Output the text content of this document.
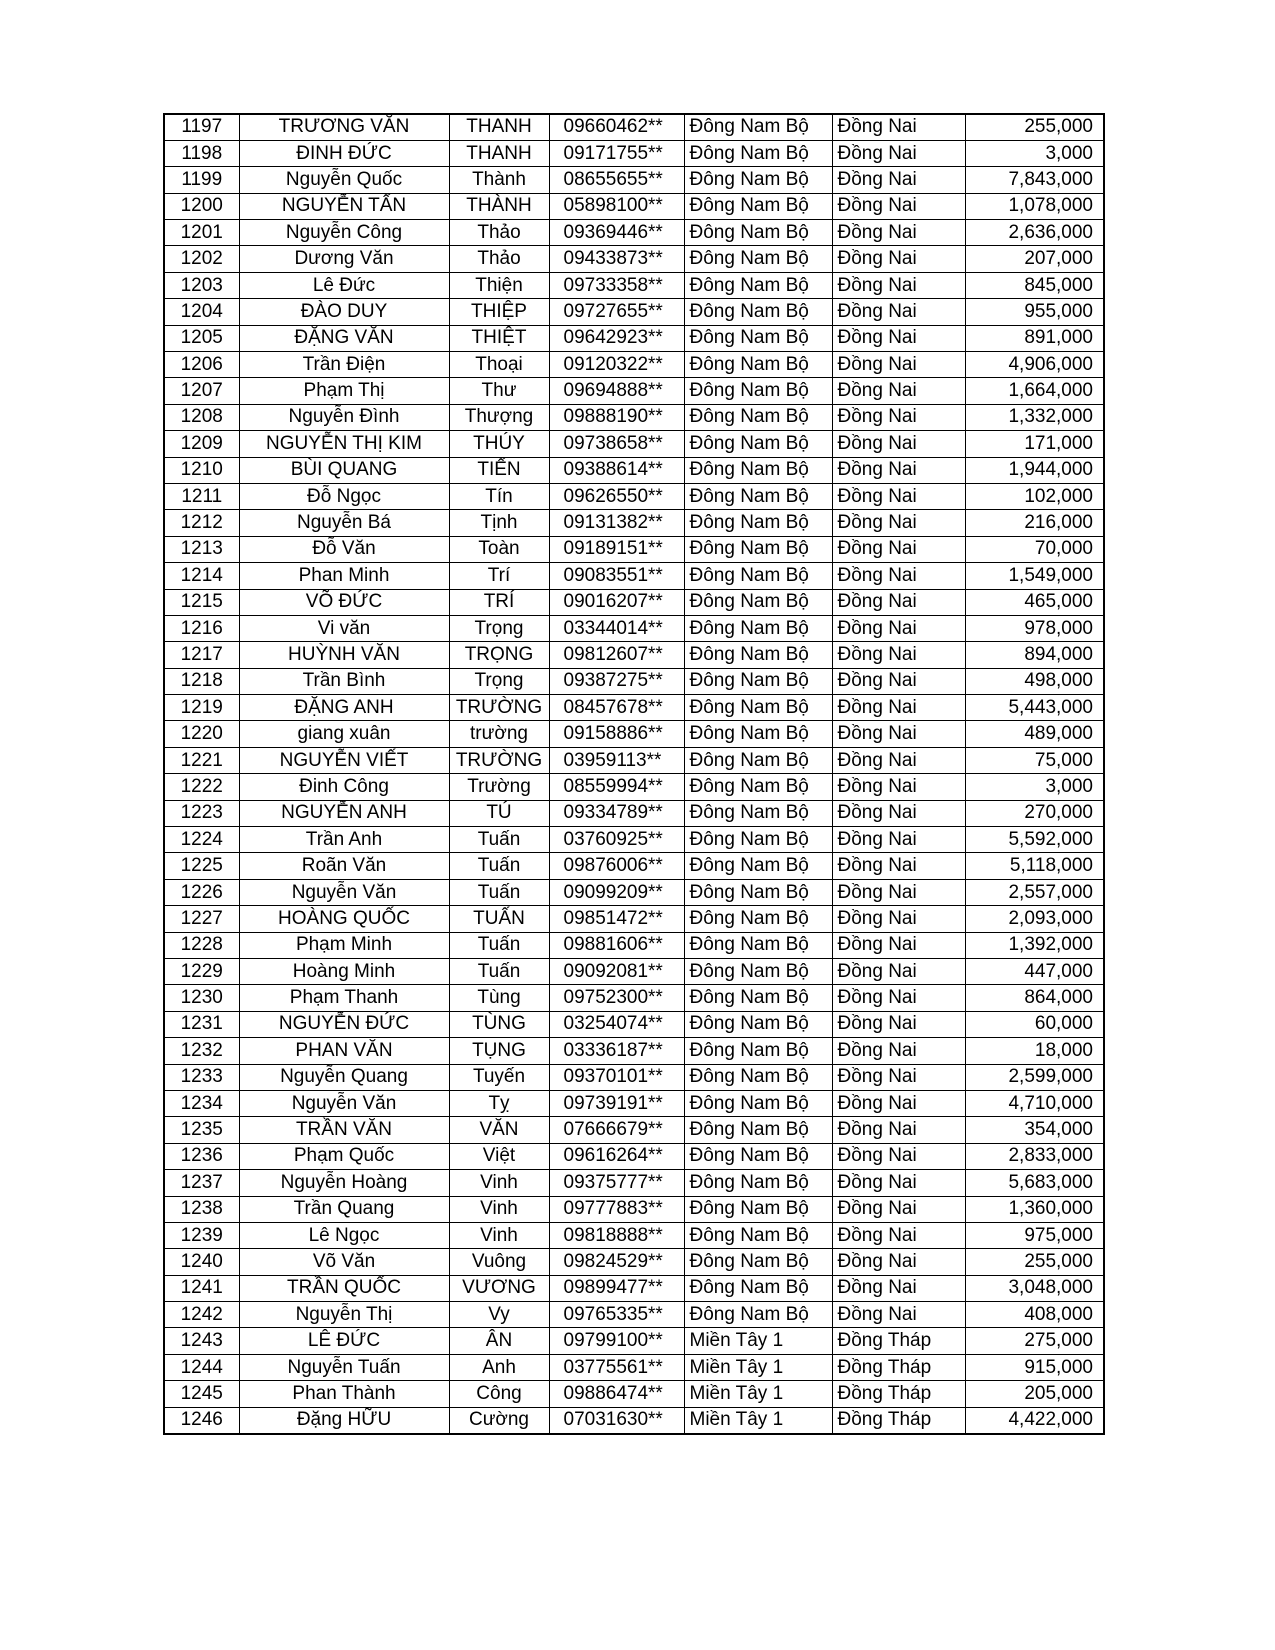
1197	TRƯƠNG VĂN	THANH	09660462**	Đông Nam Bộ	Đồng Nai	255,000
1198	ĐINH ĐỨC	THANH	09171755**	Đông Nam Bộ	Đồng Nai	3,000
1199	Nguyễn Quốc	Thành	08655655**	Đông Nam Bộ	Đồng Nai	7,843,000
1200	NGUYỄN TẤN	THÀNH	05898100**	Đông Nam Bộ	Đồng Nai	1,078,000
1201	Nguyễn Công	Thảo	09369446**	Đông Nam Bộ	Đồng Nai	2,636,000
1202	Dương Văn	Thảo	09433873**	Đông Nam Bộ	Đồng Nai	207,000
1203	Lê Đức	Thiện	09733358**	Đông Nam Bộ	Đồng Nai	845,000
1204	ĐÀO DUY	THIỆP	09727655**	Đông Nam Bộ	Đồng Nai	955,000
1205	ĐẶNG VĂN	THIỆT	09642923**	Đông Nam Bộ	Đồng Nai	891,000
1206	Trần Điện	Thoại	09120322**	Đông Nam Bộ	Đồng Nai	4,906,000
1207	Phạm Thị	Thư	09694888**	Đông Nam Bộ	Đồng Nai	1,664,000
1208	Nguyễn Đình	Thượng	09888190**	Đông Nam Bộ	Đồng Nai	1,332,000
1209	NGUYỄN THỊ KIM	THÚY	09738658**	Đông Nam Bộ	Đồng Nai	171,000
1210	BÙI QUANG	TIẾN	09388614**	Đông Nam Bộ	Đồng Nai	1,944,000
1211	Đỗ Ngọc	Tín	09626550**	Đông Nam Bộ	Đồng Nai	102,000
1212	Nguyễn Bá	Tịnh	09131382**	Đông Nam Bộ	Đồng Nai	216,000
1213	Đỗ Văn	Toàn	09189151**	Đông Nam Bộ	Đồng Nai	70,000
1214	Phan Minh	Trí	09083551**	Đông Nam Bộ	Đồng Nai	1,549,000
1215	VÕ ĐỨC	TRÍ	09016207**	Đông Nam Bộ	Đồng Nai	465,000
1216	Vi văn	Trọng	03344014**	Đông Nam Bộ	Đồng Nai	978,000
1217	HUỲNH VĂN	TRỌNG	09812607**	Đông Nam Bộ	Đồng Nai	894,000
1218	Trần Bình	Trọng	09387275**	Đông Nam Bộ	Đồng Nai	498,000
1219	ĐẶNG ANH	TRƯỜNG	08457678**	Đông Nam Bộ	Đồng Nai	5,443,000
1220	giang xuân	trường	09158886**	Đông Nam Bộ	Đồng Nai	489,000
1221	NGUYỄN VIẾT	TRƯỜNG	03959113**	Đông Nam Bộ	Đồng Nai	75,000
1222	Đinh Công	Trường	08559994**	Đông Nam Bộ	Đồng Nai	3,000
1223	NGUYỄN ANH	TÚ	09334789**	Đông Nam Bộ	Đồng Nai	270,000
1224	Trần Anh	Tuấn	03760925**	Đông Nam Bộ	Đồng Nai	5,592,000
1225	Roãn Văn	Tuấn	09876006**	Đông Nam Bộ	Đồng Nai	5,118,000
1226	Nguyễn Văn	Tuấn	09099209**	Đông Nam Bộ	Đồng Nai	2,557,000
1227	HOÀNG QUỐC	TUẤN	09851472**	Đông Nam Bộ	Đồng Nai	2,093,000
1228	Phạm Minh	Tuấn	09881606**	Đông Nam Bộ	Đồng Nai	1,392,000
1229	Hoàng Minh	Tuấn	09092081**	Đông Nam Bộ	Đồng Nai	447,000
1230	Phạm Thanh	Tùng	09752300**	Đông Nam Bộ	Đồng Nai	864,000
1231	NGUYỄN ĐỨC	TÙNG	03254074**	Đông Nam Bộ	Đồng Nai	60,000
1232	PHAN VĂN	TỤNG	03336187**	Đông Nam Bộ	Đồng Nai	18,000
1233	Nguyễn Quang	Tuyến	09370101**	Đông Nam Bộ	Đồng Nai	2,599,000
1234	Nguyễn Văn	Tỵ	09739191**	Đông Nam Bộ	Đồng Nai	4,710,000
1235	TRẦN VĂN	VĂN	07666679**	Đông Nam Bộ	Đồng Nai	354,000
1236	Phạm Quốc	Việt	09616264**	Đông Nam Bộ	Đồng Nai	2,833,000
1237	Nguyễn Hoàng	Vinh	09375777**	Đông Nam Bộ	Đồng Nai	5,683,000
1238	Trần Quang	Vinh	09777883**	Đông Nam Bộ	Đồng Nai	1,360,000
1239	Lê Ngọc	Vinh	09818888**	Đông Nam Bộ	Đồng Nai	975,000
1240	Võ Văn	Vuông	09824529**	Đông Nam Bộ	Đồng Nai	255,000
1241	TRẦN QUỐC	VƯƠNG	09899477**	Đông Nam Bộ	Đồng Nai	3,048,000
1242	Nguyễn Thị	Vy	09765335**	Đông Nam Bộ	Đồng Nai	408,000
1243	LÊ ĐỨC	ÂN	09799100**	Miền Tây 1	Đồng Tháp	275,000
1244	Nguyễn Tuấn	Anh	03775561**	Miền Tây 1	Đồng Tháp	915,000
1245	Phan Thành	Công	09886474**	Miền Tây 1	Đồng Tháp	205,000
1246	Đặng HỮU	Cường	07031630**	Miền Tây 1	Đồng Tháp	4,422,000
